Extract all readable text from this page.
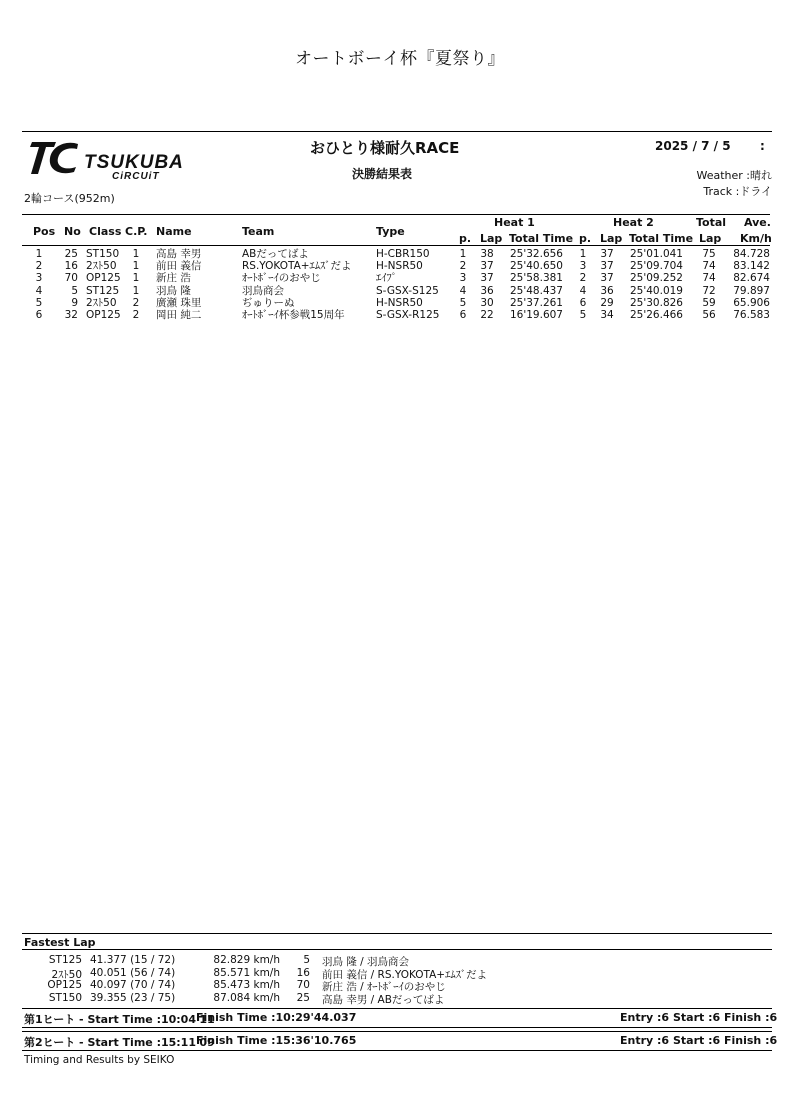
オートボーイ杯『夏祭り』
TSUKUBA
CiRCUiT
2輪コース(952m)
おひとり様耐久RACE
決勝結果表
2025 / 7 / 5 :
Weather :晴れ
Track :ドライ
Heat 1	Heat 2	Total Ave.
Pos No Class C.P. Name	Team	Type
p. Lap Total Time p. Lap Total Time Lap Km/h
1	25 ST150	1 高島 幸男	ABだってばよ	H-CBR150	1 38	25'32.656 1 37	25'01.041	75	84.728
2	16 2ｽﾄ50	1 前田 義信	RS.YOKOTA+ｴﾑｽﾞだよ	H-NSR50	2 37	25'40.650 3 37	25'09.704	74	83.142
3	70 OP125	1 新庄 浩	ｵｰﾄﾎﾞｰｲのおやじ	ｴｲﾌﾟ	3 37	25'58.381 2 37	25'09.252	74	82.674
4	5 ST125	1 羽鳥 隆	羽鳥商会	S-GSX-S125	4 36	25'48.437 4 36	25'40.019	72	79.897
5	9 2ｽﾄ50	2 廣瀬 珠里	ぢゅりーぬ	H-NSR50	5 30	25'37.261 6 29	25'30.826	59	65.906
6	32 OP125	2 岡田 純二	ｵｰﾄﾎﾞｰｲ杯参戦15周年	S-GSX-R125	6 22	16'19.607 5 34	25'26.466	56	76.583
Fastest Lap
ST125 41.377 (15 / 72)	82.829 km/h	5 羽鳥 隆 / 羽鳥商会
2ｽﾄ50 40.051 (56 / 74)	85.571 km/h	16 前田 義信 / RS.YOKOTA+ｴﾑｽﾞだよ
OP125 40.097 (70 / 74)	85.473 km/h	70 新庄 浩 / ｵｰﾄﾎﾞｰｲのおやじ
ST150 39.355 (23 / 75)	87.084 km/h	25 高島 幸男 / ABだってばよ
第1ヒート - Start Time :10:04'11
Finish Time :10:29'44.037	Entry :6 Start :6 Finish :6
第2ヒート - Start Time :15:11'09
Finish Time :15:36'10.765	Entry :6 Start :6 Finish :6
Timing and Results by SEIKO
